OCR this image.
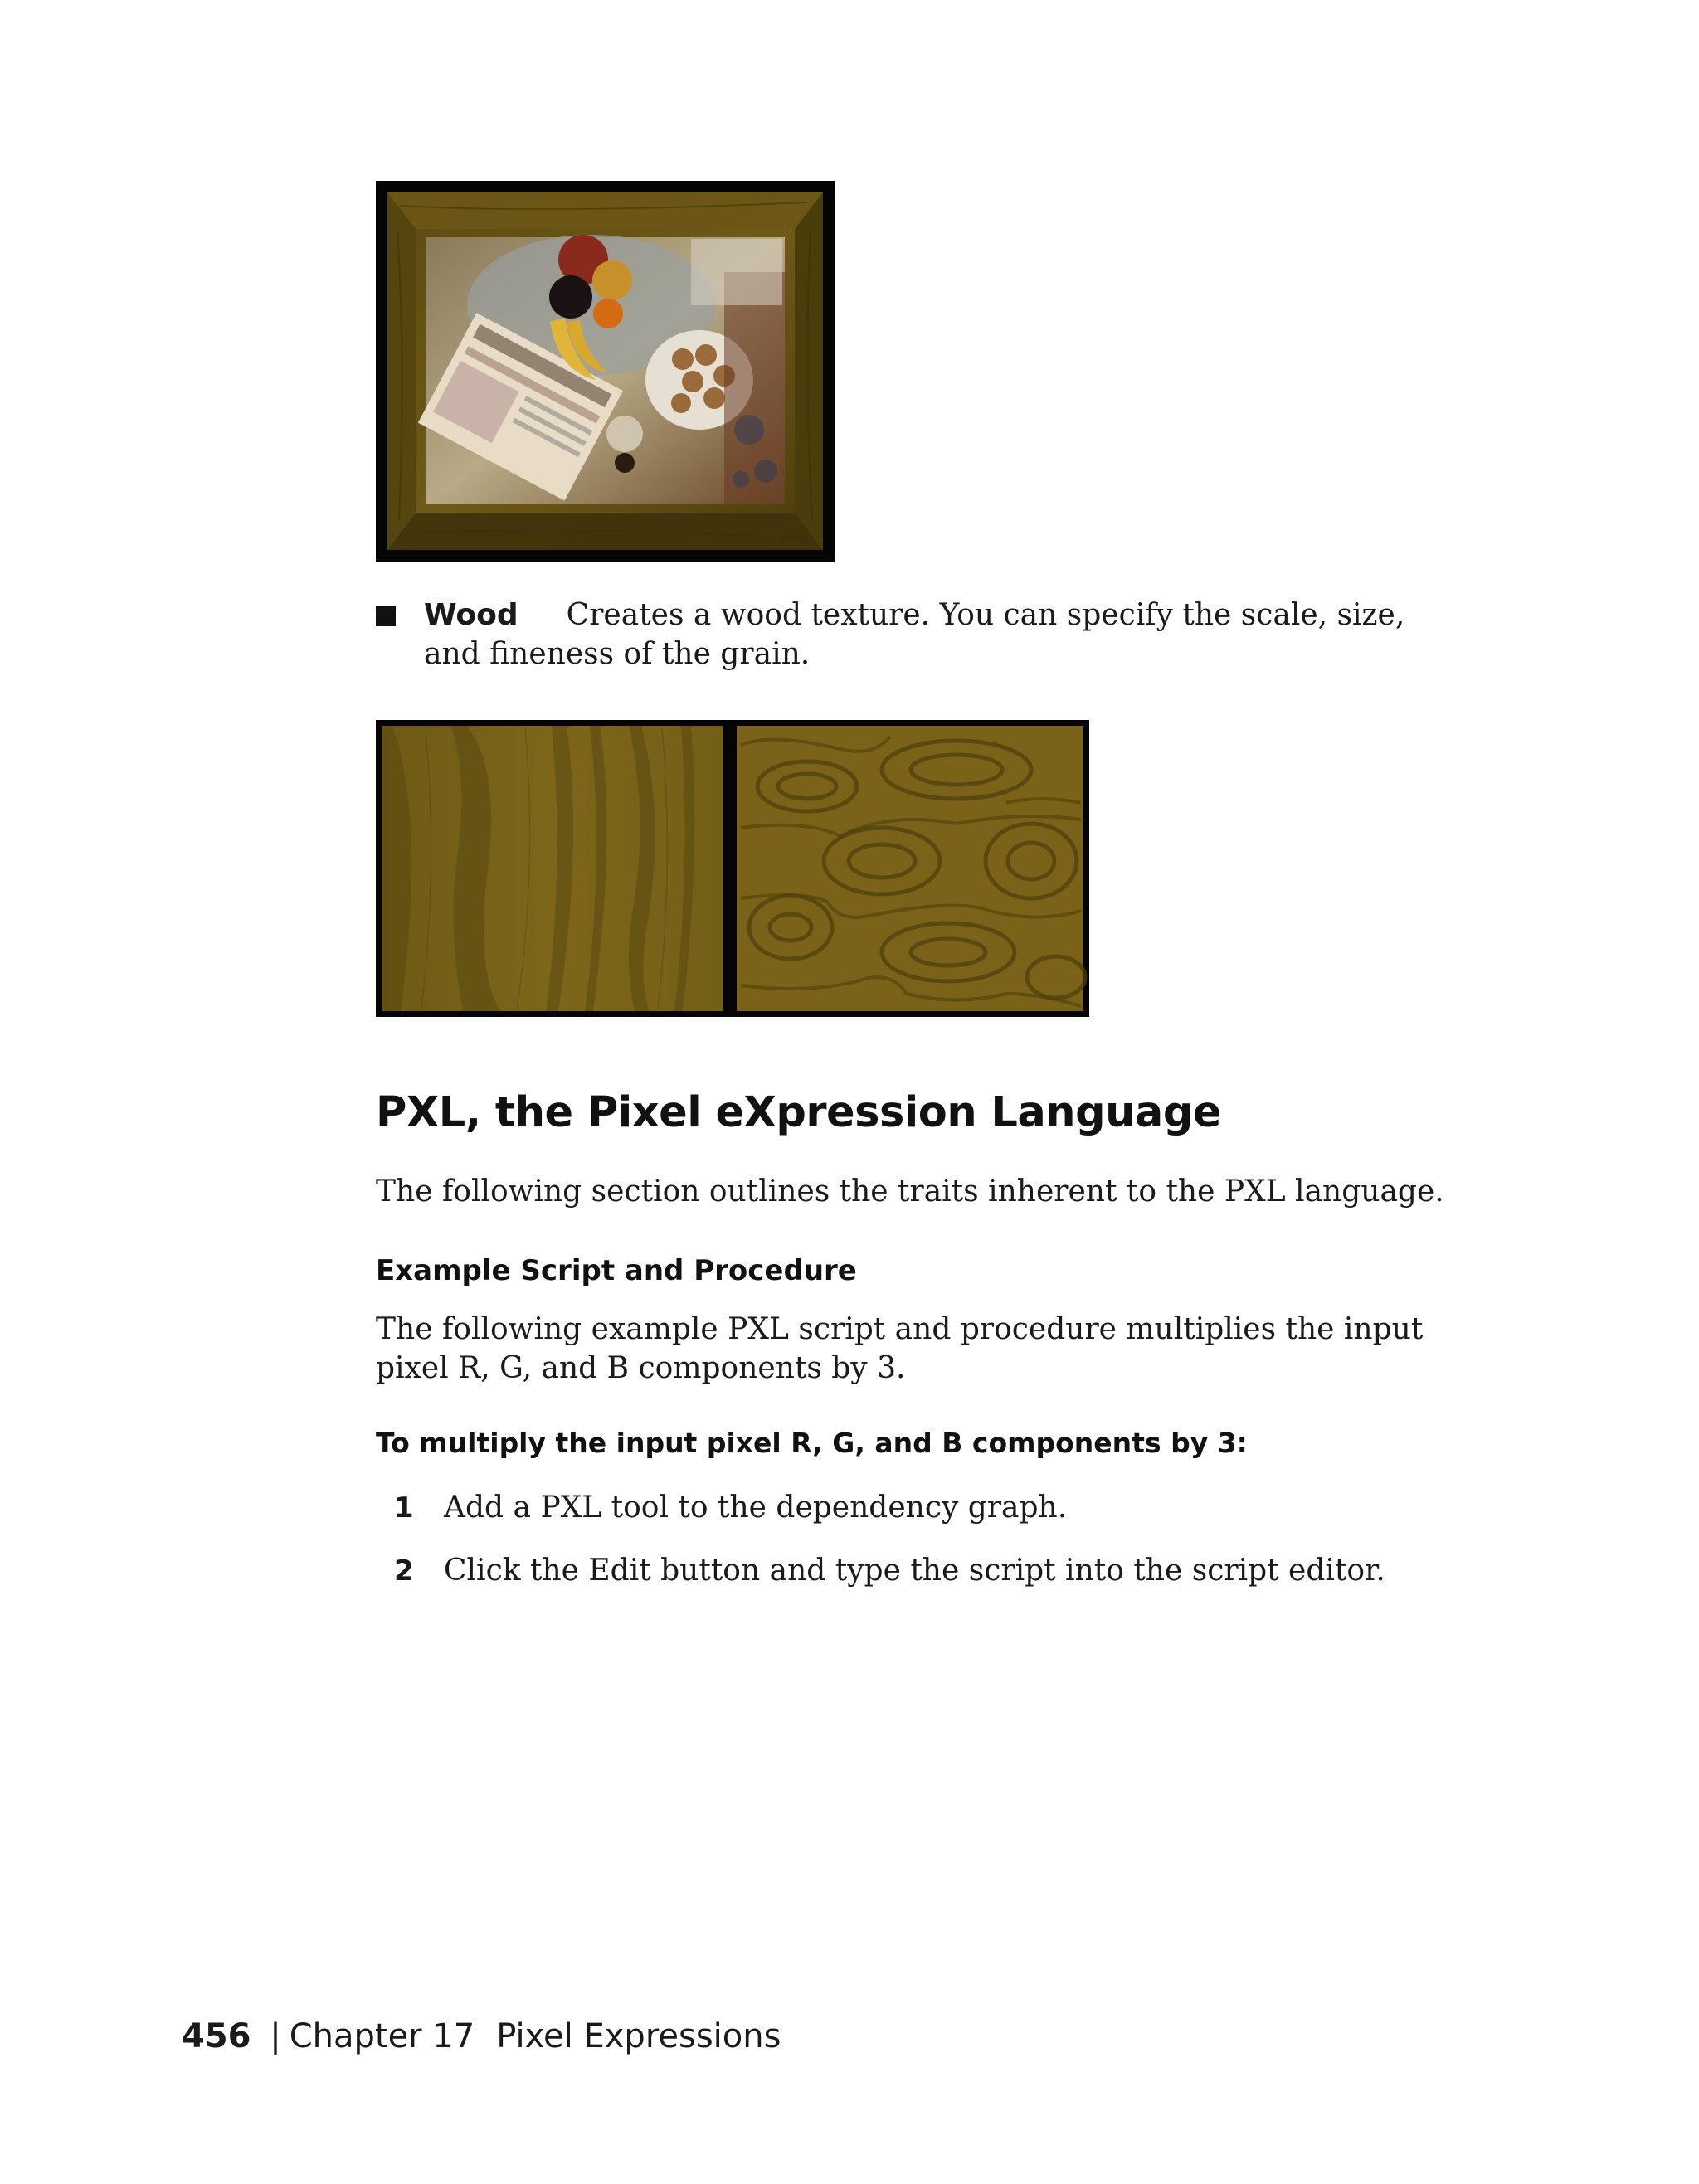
Wood Creates a wood texture. You can specify the scale, size, and fineness of the grain.
PXL, the Pixel eXpression Language

The following section outlines the traits inherent to the PXL language.

Example Script and Procedure

The following example PXL script and procedure multiplies the input pixel R, G, and B components by 3.

To multiply the input pixel R, G, and B components by 3:
1 Add a PXL tool to the dependency graph.
2 Click the Edit button and type the script into the script editor.
456 | Chapter 17 Pixel Expressions
